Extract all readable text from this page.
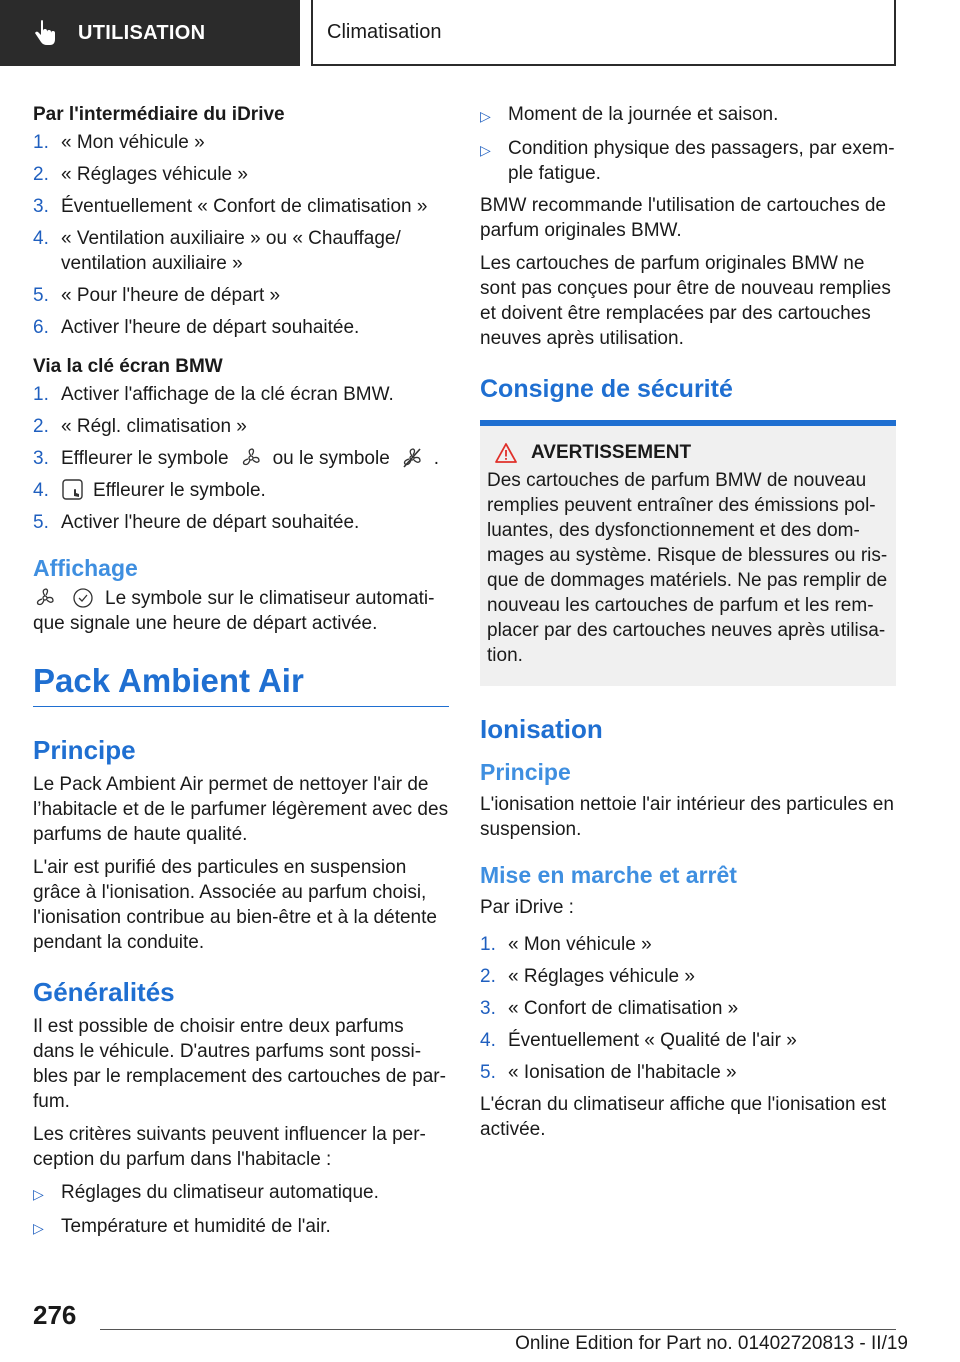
UTILISATION	Climatisation
Par l'intermédiaire du iDrive
1. « Mon véhicule »
2. « Réglages véhicule »
3. Éventuellement « Confort de climatisation »
4. « Ventilation auxiliaire » ou « Chauffage/ ventilation auxiliaire »
5. « Pour l'heure de départ »
6. Activer l'heure de départ souhaitée.
Via la clé écran BMW
1. Activer l'affichage de la clé écran BMW.
2. « Régl. climatisation »
3. Effleurer le symbole ou le symbole .
4.	Effleurer le symbole.
5. Activer l'heure de départ souhaitée.
Affichage

Le symbole sur le climatiseur automati- que signale une heure de départ activée.

Pack Ambient Air
Principe

Le Pack Ambient Air permet de nettoyer l'air de l’habitacle et de le parfumer légèrement avec des parfums de haute qualité.

L'air est purifié des particules en suspension grâce à l'ionisation. Associée au parfum choisi, l'ionisation contribue au bien-être et à la détente pendant la conduite.

Généralités

Il est possible de choisir entre deux parfums dans le véhicule. D'autres parfums sont possi- bles par le remplacement des cartouches de par- fum.

Les critères suivants peuvent influencer la per- ception du parfum dans l'habitacle :

▷ Réglages du climatiseur automatique.
▷ Température et humidité de l'air.
▷ Moment de la journée et saison.
▷ Condition physique des passagers, par exem- ple fatigue.

BMW recommande l'utilisation de cartouches de parfum originales BMW.

Les cartouches de parfum originales BMW ne sont pas conçues pour être de nouveau remplies et doivent être remplacées par des cartouches neuves après utilisation.

Consigne de sécurité
AVERTISSEMENT
Des cartouches de parfum BMW de nouveau remplies peuvent entraîner des émissions pol- luantes, des dysfonctionnement et des dom- mages au système. Risque de blessures ou ris- que de dommages matériels. Ne pas remplir de nouveau les cartouches de parfum et les rem- placer par des cartouches neuves après utilisa- tion.
Ionisation
Principe

L'ionisation nettoie l'air intérieur des particules en suspension.

Mise en marche et arrêt

Par iDrive :

1. « Mon véhicule »
2. « Réglages véhicule »
3. « Confort de climatisation »
4. Éventuellement « Qualité de l'air »
5. « Ionisation de l'habitacle »

L'écran du climatiseur affiche que l'ionisation est activée.

276
Online Edition for Part no. 01402720813 - II/19
